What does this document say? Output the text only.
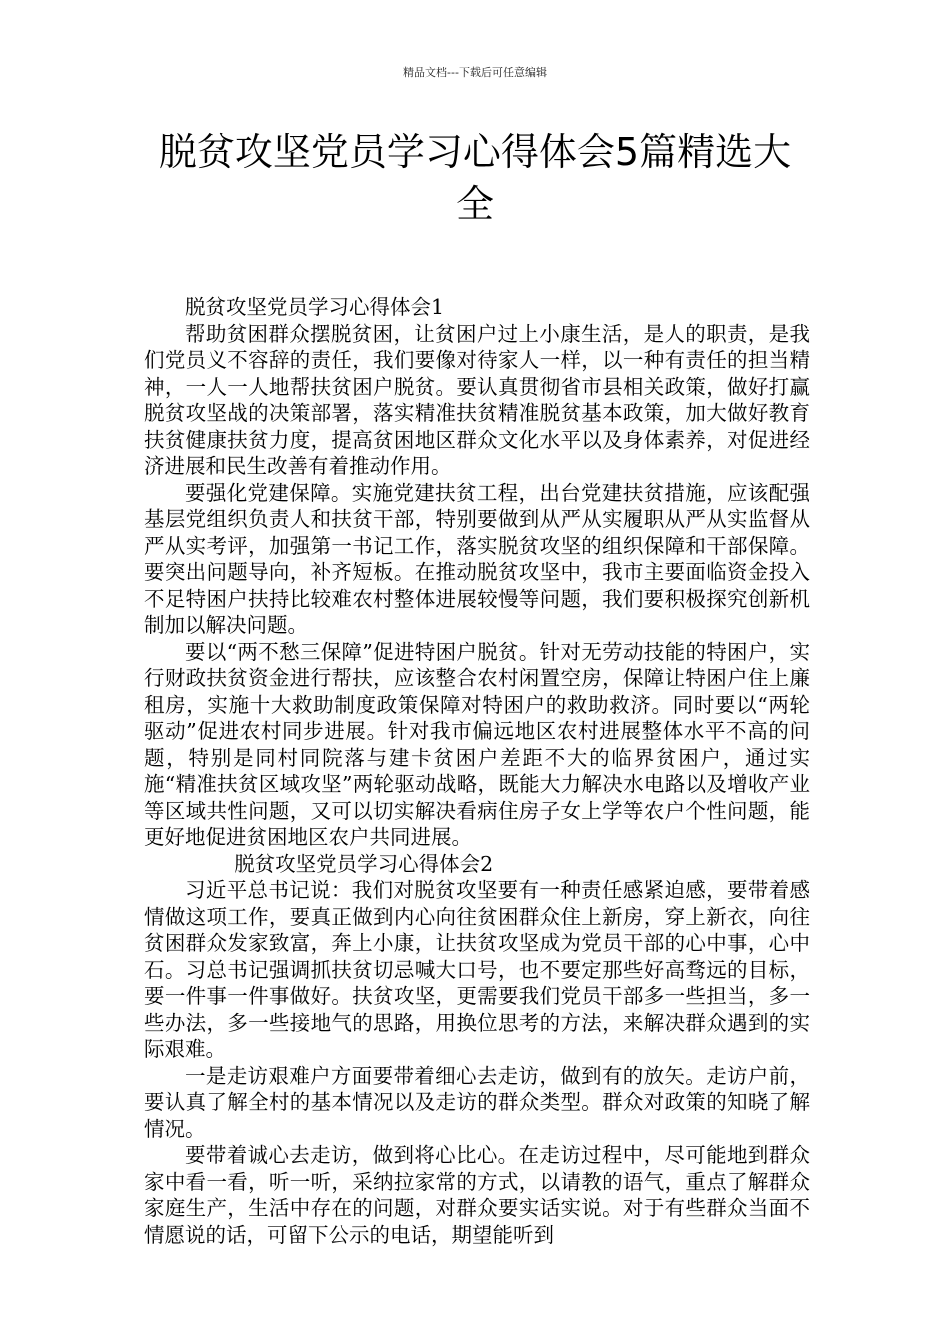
精品文档---下载后可任意编辑
脱贫攻坚党员学习心得体会5篇精选大全

脱贫攻坚党员学习心得体会1

帮助贫困群众摆脱贫困，让贫困户过上小康生活，是人的职责，是我们党员义不容辞的责任，我们要像对待家人一样，以一种有责任的担当精神，一人一人地帮扶贫困户脱贫。要认真贯彻省市县相关政策，做好打赢脱贫攻坚战的决策部署，落实精准扶贫精准脱贫基本政策，加大做好教育扶贫健康扶贫力度，提高贫困地区群众文化水平以及身体素养，对促进经济进展和民生改善有着推动作用。

要强化党建保障。实施党建扶贫工程，出台党建扶贫措施，应该配强基层党组织负责人和扶贫干部，特别要做到从严从实履职从严从实监督从严从实考评，加强第一书记工作，落实脱贫攻坚的组织保障和干部保障。要突出问题导向，补齐短板。在推动脱贫攻坚中，我市主要面临资金投入不足特困户扶持比较难农村整体进展较慢等问题，我们要积极探究创新机制加以解决问题。

要以“两不愁三保障”促进特困户脱贫。针对无劳动技能的特困户，实行财政扶贫资金进行帮扶，应该整合农村闲置空房，保障让特困户住上廉租房，实施十大救助制度政策保障对特困户的救助救济。同时要以“两轮驱动”促进农村同步进展。针对我市偏远地区农村进展整体水平不高的问题，特别是同村同院落与建卡贫困户差距不大的临界贫困户，通过实施“精准扶贫区域攻坚”两轮驱动战略，既能大力解决水电路以及增收产业等区域共性问题，又可以切实解决看病住房子女上学等农户个性问题，能更好地促进贫困地区农户共同进展。

脱贫攻坚党员学习心得体会2

习近平总书记说：我们对脱贫攻坚要有一种责任感紧迫感，要带着感情做这项工作，要真正做到内心向往贫困群众住上新房，穿上新衣，向往贫困群众发家致富，奔上小康，让扶贫攻坚成为党员干部的心中事，心中石。习总书记强调抓扶贫切忌喊大口号，也不要定那些好高骛远的目标，要一件事一件事做好。扶贫攻坚，更需要我们党员干部多一些担当，多一些办法，多一些接地气的思路，用换位思考的方法，来解决群众遇到的实际艰难。

一是走访艰难户方面要带着细心去走访，做到有的放矢。走访户前，要认真了解全村的基本情况以及走访的群众类型。群众对政策的知晓了解情况。

要带着诚心去走访，做到将心比心。在走访过程中，尽可能地到群众家中看一看，听一听，采纳拉家常的方式，以请教的语气，重点了解群众家庭生产，生活中存在的问题，对群众要实话实说。对于有些群众当面不情愿说的话，可留下公示的电话，期望能听到
